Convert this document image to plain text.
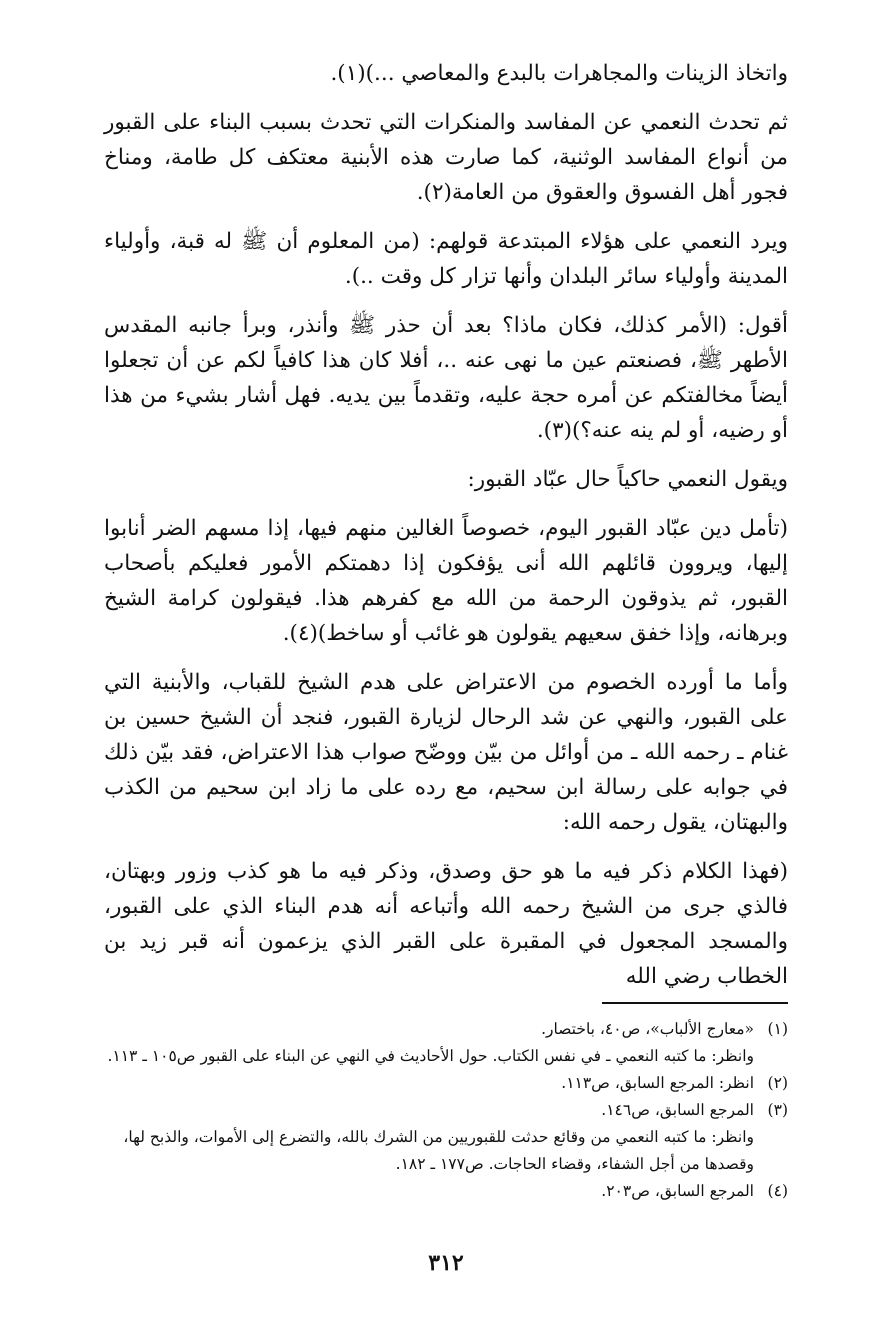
واتخاذ الزينات والمجاهرات بالبدع والمعاصي ...)(١).

ثم تحدث النعمي عن المفاسد والمنكرات التي تحدث بسبب البناء على القبور من أنواع المفاسد الوثنية، كما صارت هذه الأبنية معتكف كل طامة، ومناخ فجور أهل الفسوق والعقوق من العامة(٢).

ويرد النعمي على هؤلاء المبتدعة قولهم: (من المعلوم أن ﷺ له قبة، وأولياء المدينة وأولياء سائر البلدان وأنها تزار كل وقت ..).

أقول: (الأمر كذلك، فكان ماذا؟ بعد أن حذر ﷺ وأنذر، وبرأ جانبه المقدس الأطهر ﷺ، فصنعتم عين ما نهى عنه ..، أفلا كان هذا كافياً لكم عن أن تجعلوا أيضاً مخالفتكم عن أمره حجة عليه، وتقدماً بين يديه. فهل أشار بشيء من هذا أو رضيه، أو لم ينه عنه؟)(٣).

ويقول النعمي حاكياً حال عبّاد القبور:

(تأمل دين عبّاد القبور اليوم، خصوصاً الغالين منهم فيها، إذا مسهم الضر أنابوا إليها، ويروون قائلهم الله أنى يؤفكون إذا دهمتكم الأمور فعليكم بأصحاب القبور، ثم يذوقون الرحمة من الله مع كفرهم هذا. فيقولون كرامة الشيخ وبرهانه، وإذا خفق سعيهم يقولون هو غائب أو ساخط)(٤).

وأما ما أورده الخصوم من الاعتراض على هدم الشيخ للقباب، والأبنية التي على القبور، والنهي عن شد الرحال لزيارة القبور، فنجد أن الشيخ حسين بن غنام ـ رحمه الله ـ من أوائل من بيّن ووضّح صواب هذا الاعتراض، فقد بيّن ذلك في جوابه على رسالة ابن سحيم، مع رده على ما زاد ابن سحيم من الكذب والبهتان، يقول رحمه الله:

(فهذا الكلام ذكر فيه ما هو حق وصدق، وذكر فيه ما هو كذب وزور وبهتان، فالذي جرى من الشيخ رحمه الله وأتباعه أنه هدم البناء الذي على القبور، والمسجد المجعول في المقبرة على القبر الذي يزعمون أنه قبر زيد بن الخطاب رضي الله

(١)
«معارج الألباب»، ص٤٠، باختصار.
وانظر: ما كتبه النعمي ـ في نفس الكتاب. حول الأحاديث في النهي عن البناء على القبور ص١٠٥ ـ ١١٣.
(٢)
انظر: المرجع السابق، ص١١٣.
(٣)
المرجع السابق، ص١٤٦.
وانظر: ما كتبه النعمي من وقائع حدثت للقبوريين من الشرك بالله، والتضرع إلى الأموات، والذبح لها، وقصدها من أجل الشفاء، وقضاء الحاجات. ص١٧٧ ـ ١٨٢.
(٤)
المرجع السابق، ص٢٠٣.
٣١٢
